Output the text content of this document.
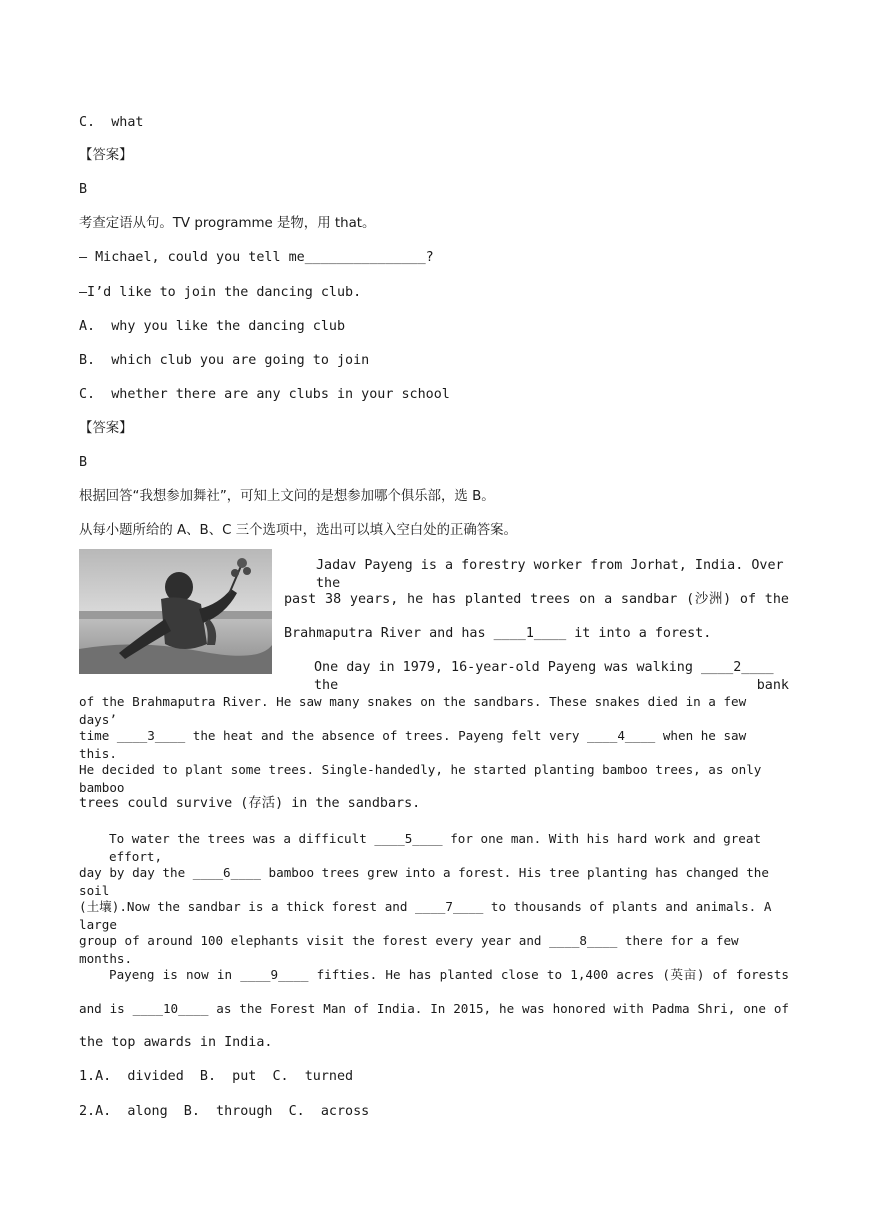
C.  what
【答案】
B
考查定语从句。TV programme 是物，用 that。
— Michael, could you tell me_______________?
—I’d like to join the dancing club.
A.  why you like the dancing club
B.  which club you are going to join
C.  whether there are any clubs in your school
【答案】
B
根据回答“我想参加舞社”，可知上文问的是想参加哪个俱乐部，选 B。
从每小题所给的 A、B、C 三个选项中，选出可以填入空白处的正确答案。
Jadav Payeng is a forestry worker from Jorhat, India. Over the
past 38 years, he has planted trees on a sandbar (沙洲) of the
Brahmaputra River and has ____1____ it into a forest.
One day in 1979, 16-year-old Payeng was walking ____2____ the bank
of the Brahmaputra River. He saw many snakes on the sandbars. These snakes died in a few days’
time ____3____ the heat and the absence of trees. Payeng felt very ____4____ when he saw this.
He decided to plant some trees. Single-handedly, he started planting bamboo trees, as only bamboo
trees could survive (存活) in the sandbars.
To water the trees was a difficult ____5____ for one man. With his hard work and great effort,
day by day the ____6____ bamboo trees grew into a forest. His tree planting has changed the soil
(土壤).Now the sandbar is a thick forest and ____7____ to thousands of plants and animals. A large
group of around 100 elephants visit the forest every year and ____8____ there for a few months.
Payeng is now in ____9____ fifties. He has planted close to 1,400 acres (英亩) of forests
and is ____10____ as the Forest Man of India. In 2015, he was honored with Padma Shri, one of
the top awards in India.
1.A.  divided  B.  put  C.  turned
2.A.  along  B.  through  C.  across
